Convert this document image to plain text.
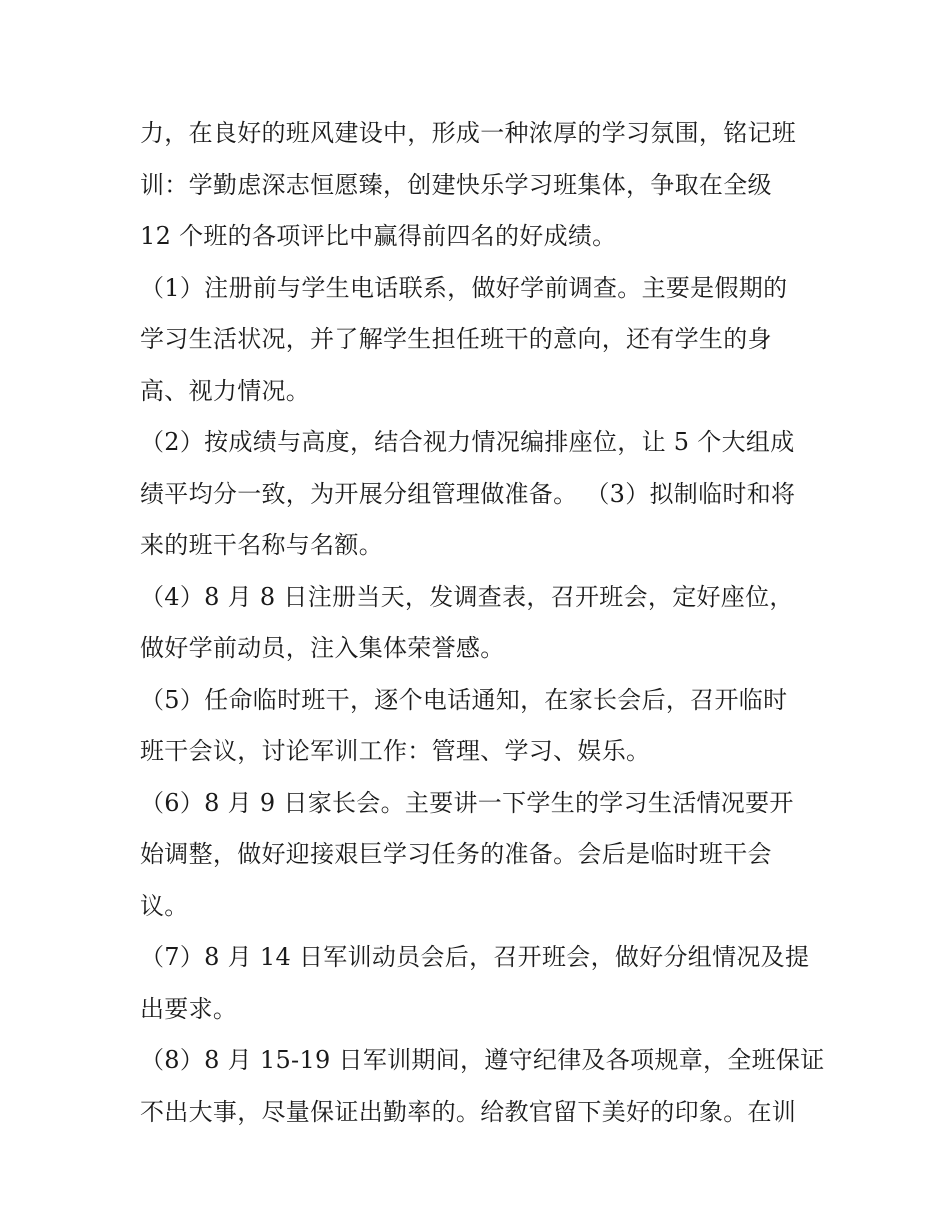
力，在良好的班风建设中，形成一种浓厚的学习氛围，铭记班
训：学勤虑深志恒愿臻，创建快乐学习班集体，争取在全级
12 个班的各项评比中赢得前四名的好成绩。
（1）注册前与学生电话联系，做好学前调查。主要是假期的
学习生活状况，并了解学生担任班干的意向，还有学生的身
高、视力情况。
（2）按成绩与高度，结合视力情况编排座位，让 5 个大组成
绩平均分一致，为开展分组管理做准备。 （3）拟制临时和将
来的班干名称与名额。
（4）8 月 8 日注册当天，发调查表，召开班会，定好座位，
做好学前动员，注入集体荣誉感。
（5）任命临时班干，逐个电话通知，在家长会后，召开临时
班干会议，讨论军训工作：管理、学习、娱乐。
（6）8 月 9 日家长会。主要讲一下学生的学习生活情况要开
始调整，做好迎接艰巨学习任务的准备。会后是临时班干会
议。
（7）8 月 14 日军训动员会后，召开班会，做好分组情况及提
出要求。
（8）8 月 15-19 日军训期间，遵守纪律及各项规章，全班保证
不出大事，尽量保证出勤率的。给教官留下美好的印象。在训
